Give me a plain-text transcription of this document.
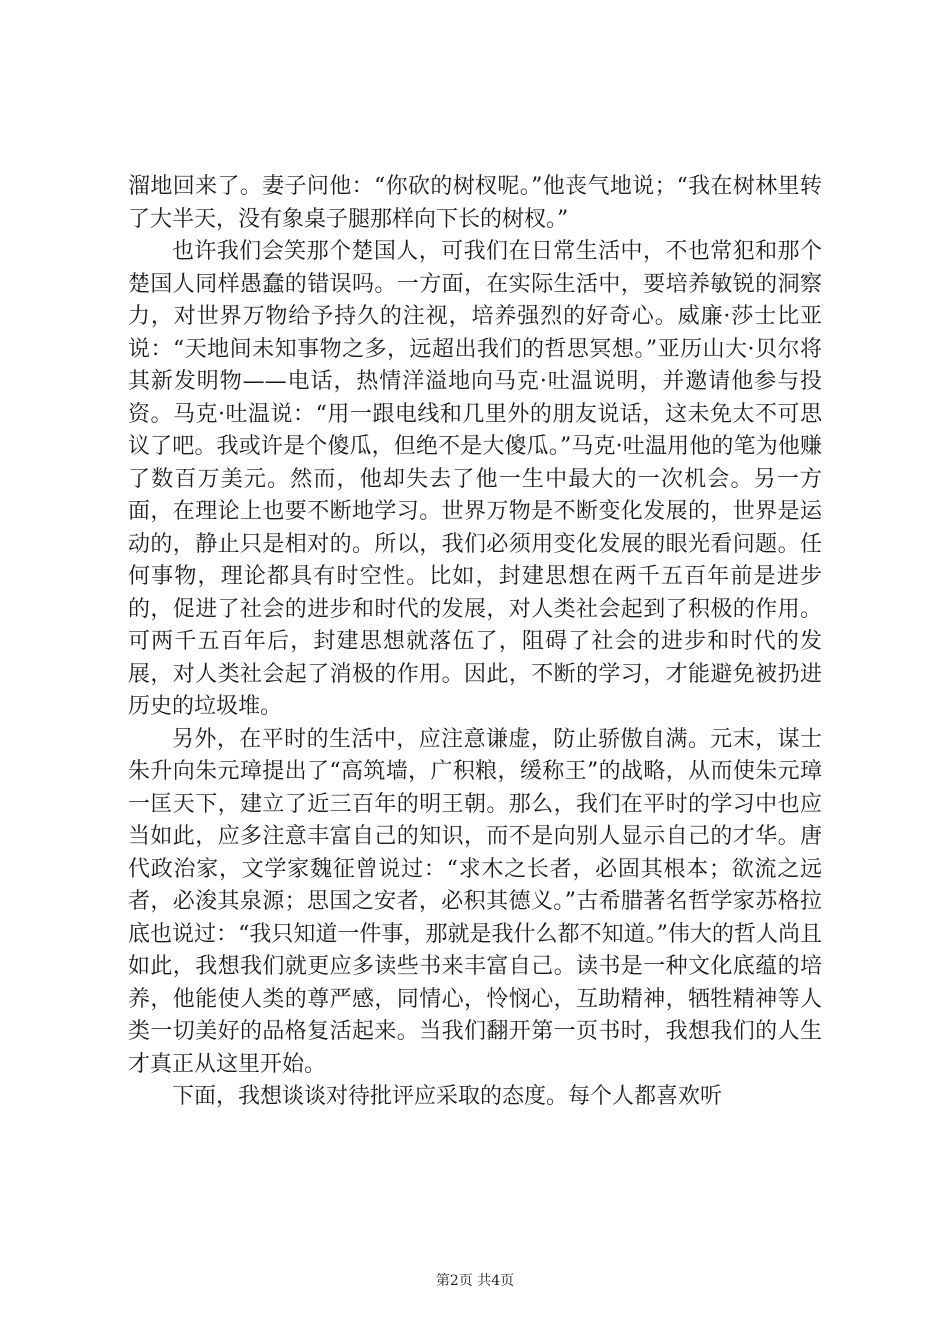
溜地回来了。妻子问他：“你砍的树杈呢。”他丧气地说；“我在树林里转了大半天，没有象桌子腿那样向下长的树杈。”

也许我们会笑那个楚国人，可我们在日常生活中，不也常犯和那个楚国人同样愚蠢的错误吗。一方面，在实际生活中，要培养敏锐的洞察力，对世界万物给予持久的注视，培养强烈的好奇心。威廉·莎士比亚说：“天地间未知事物之多，远超出我们的哲思冥想。”亚历山大·贝尔将其新发明物——电话，热情洋溢地向马克·吐温说明，并邀请他参与投资。马克·吐温说：“用一跟电线和几里外的朋友说话，这未免太不可思议了吧。我或许是个傻瓜，但绝不是大傻瓜。”马克·吐温用他的笔为他赚了数百万美元。然而，他却失去了他一生中最大的一次机会。另一方面，在理论上也要不断地学习。世界万物是不断变化发展的，世界是运动的，静止只是相对的。所以，我们必须用变化发展的眼光看问题。任何事物，理论都具有时空性。比如，封建思想在两千五百年前是进步的，促进了社会的进步和时代的发展，对人类社会起到了积极的作用。可两千五百年后，封建思想就落伍了，阻碍了社会的进步和时代的发展，对人类社会起了消极的作用。因此，不断的学习，才能避免被扔进历史的垃圾堆。

另外，在平时的生活中，应注意谦虚，防止骄傲自满。元末，谋士朱升向朱元璋提出了“高筑墙，广积粮，缓称王”的战略，从而使朱元璋一匡天下，建立了近三百年的明王朝。那么，我们在平时的学习中也应当如此，应多注意丰富自己的知识，而不是向别人显示自己的才华。唐代政治家，文学家魏征曾说过：“求木之长者，必固其根本；欲流之远者，必浚其泉源；思国之安者，必积其德义。”古希腊著名哲学家苏格拉底也说过：“我只知道一件事，那就是我什么都不知道。”伟大的哲人尚且如此，我想我们就更应多读些书来丰富自己。读书是一种文化底蕴的培养，他能使人类的尊严感，同情心，怜悯心，互助精神，牺牲精神等人类一切美好的品格复活起来。当我们翻开第一页书时，我想我们的人生才真正从这里开始。

下面，我想谈谈对待批评应采取的态度。每个人都喜欢听

第2页 共4页
